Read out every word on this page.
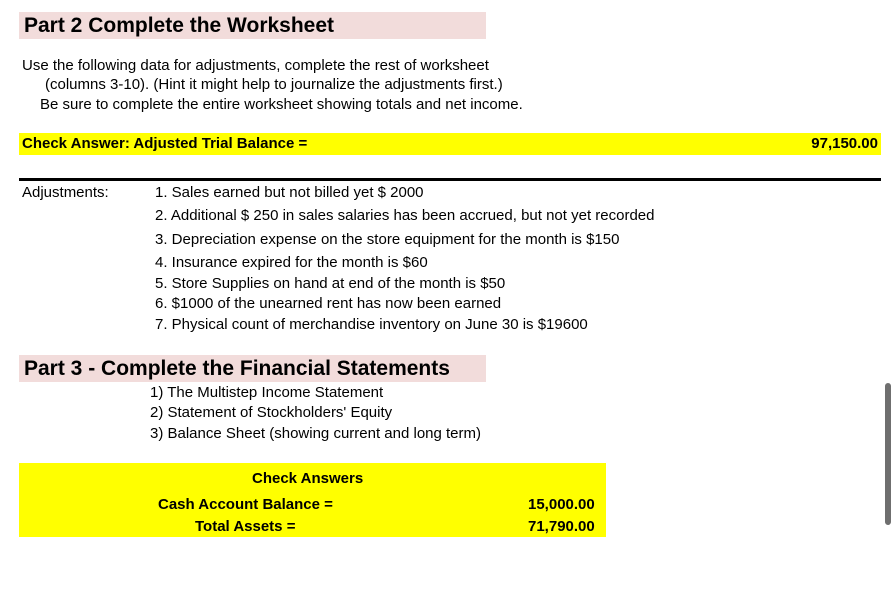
Part 2 Complete the Worksheet
Use the following data for adjustments, complete the rest of worksheet
(columns 3-10). (Hint it might help to journalize the adjustments first.)
Be sure to complete the entire worksheet showing totals and net income.
Check Answer: Adjusted Trial Balance =	97,150.00
Adjustments:	1. Sales earned but not billed yet $ 2000
2. Additional $ 250 in sales salaries has been accrued, but not yet recorded
3. Depreciation expense on the store equipment for the month is $150
4. Insurance expired for the month is $60
5. Store Supplies on hand at end of the month is $50
6. $1000 of the unearned rent has now been earned
7. Physical count of merchandise inventory on June 30 is $19600
Part 3 - Complete the Financial Statements
1) The Multistep Income Statement
2) Statement of Stockholders' Equity
3) Balance Sheet (showing current and long term)
Check Answers
Cash Account Balance =	15,000.00
Total Assets =	71,790.00
